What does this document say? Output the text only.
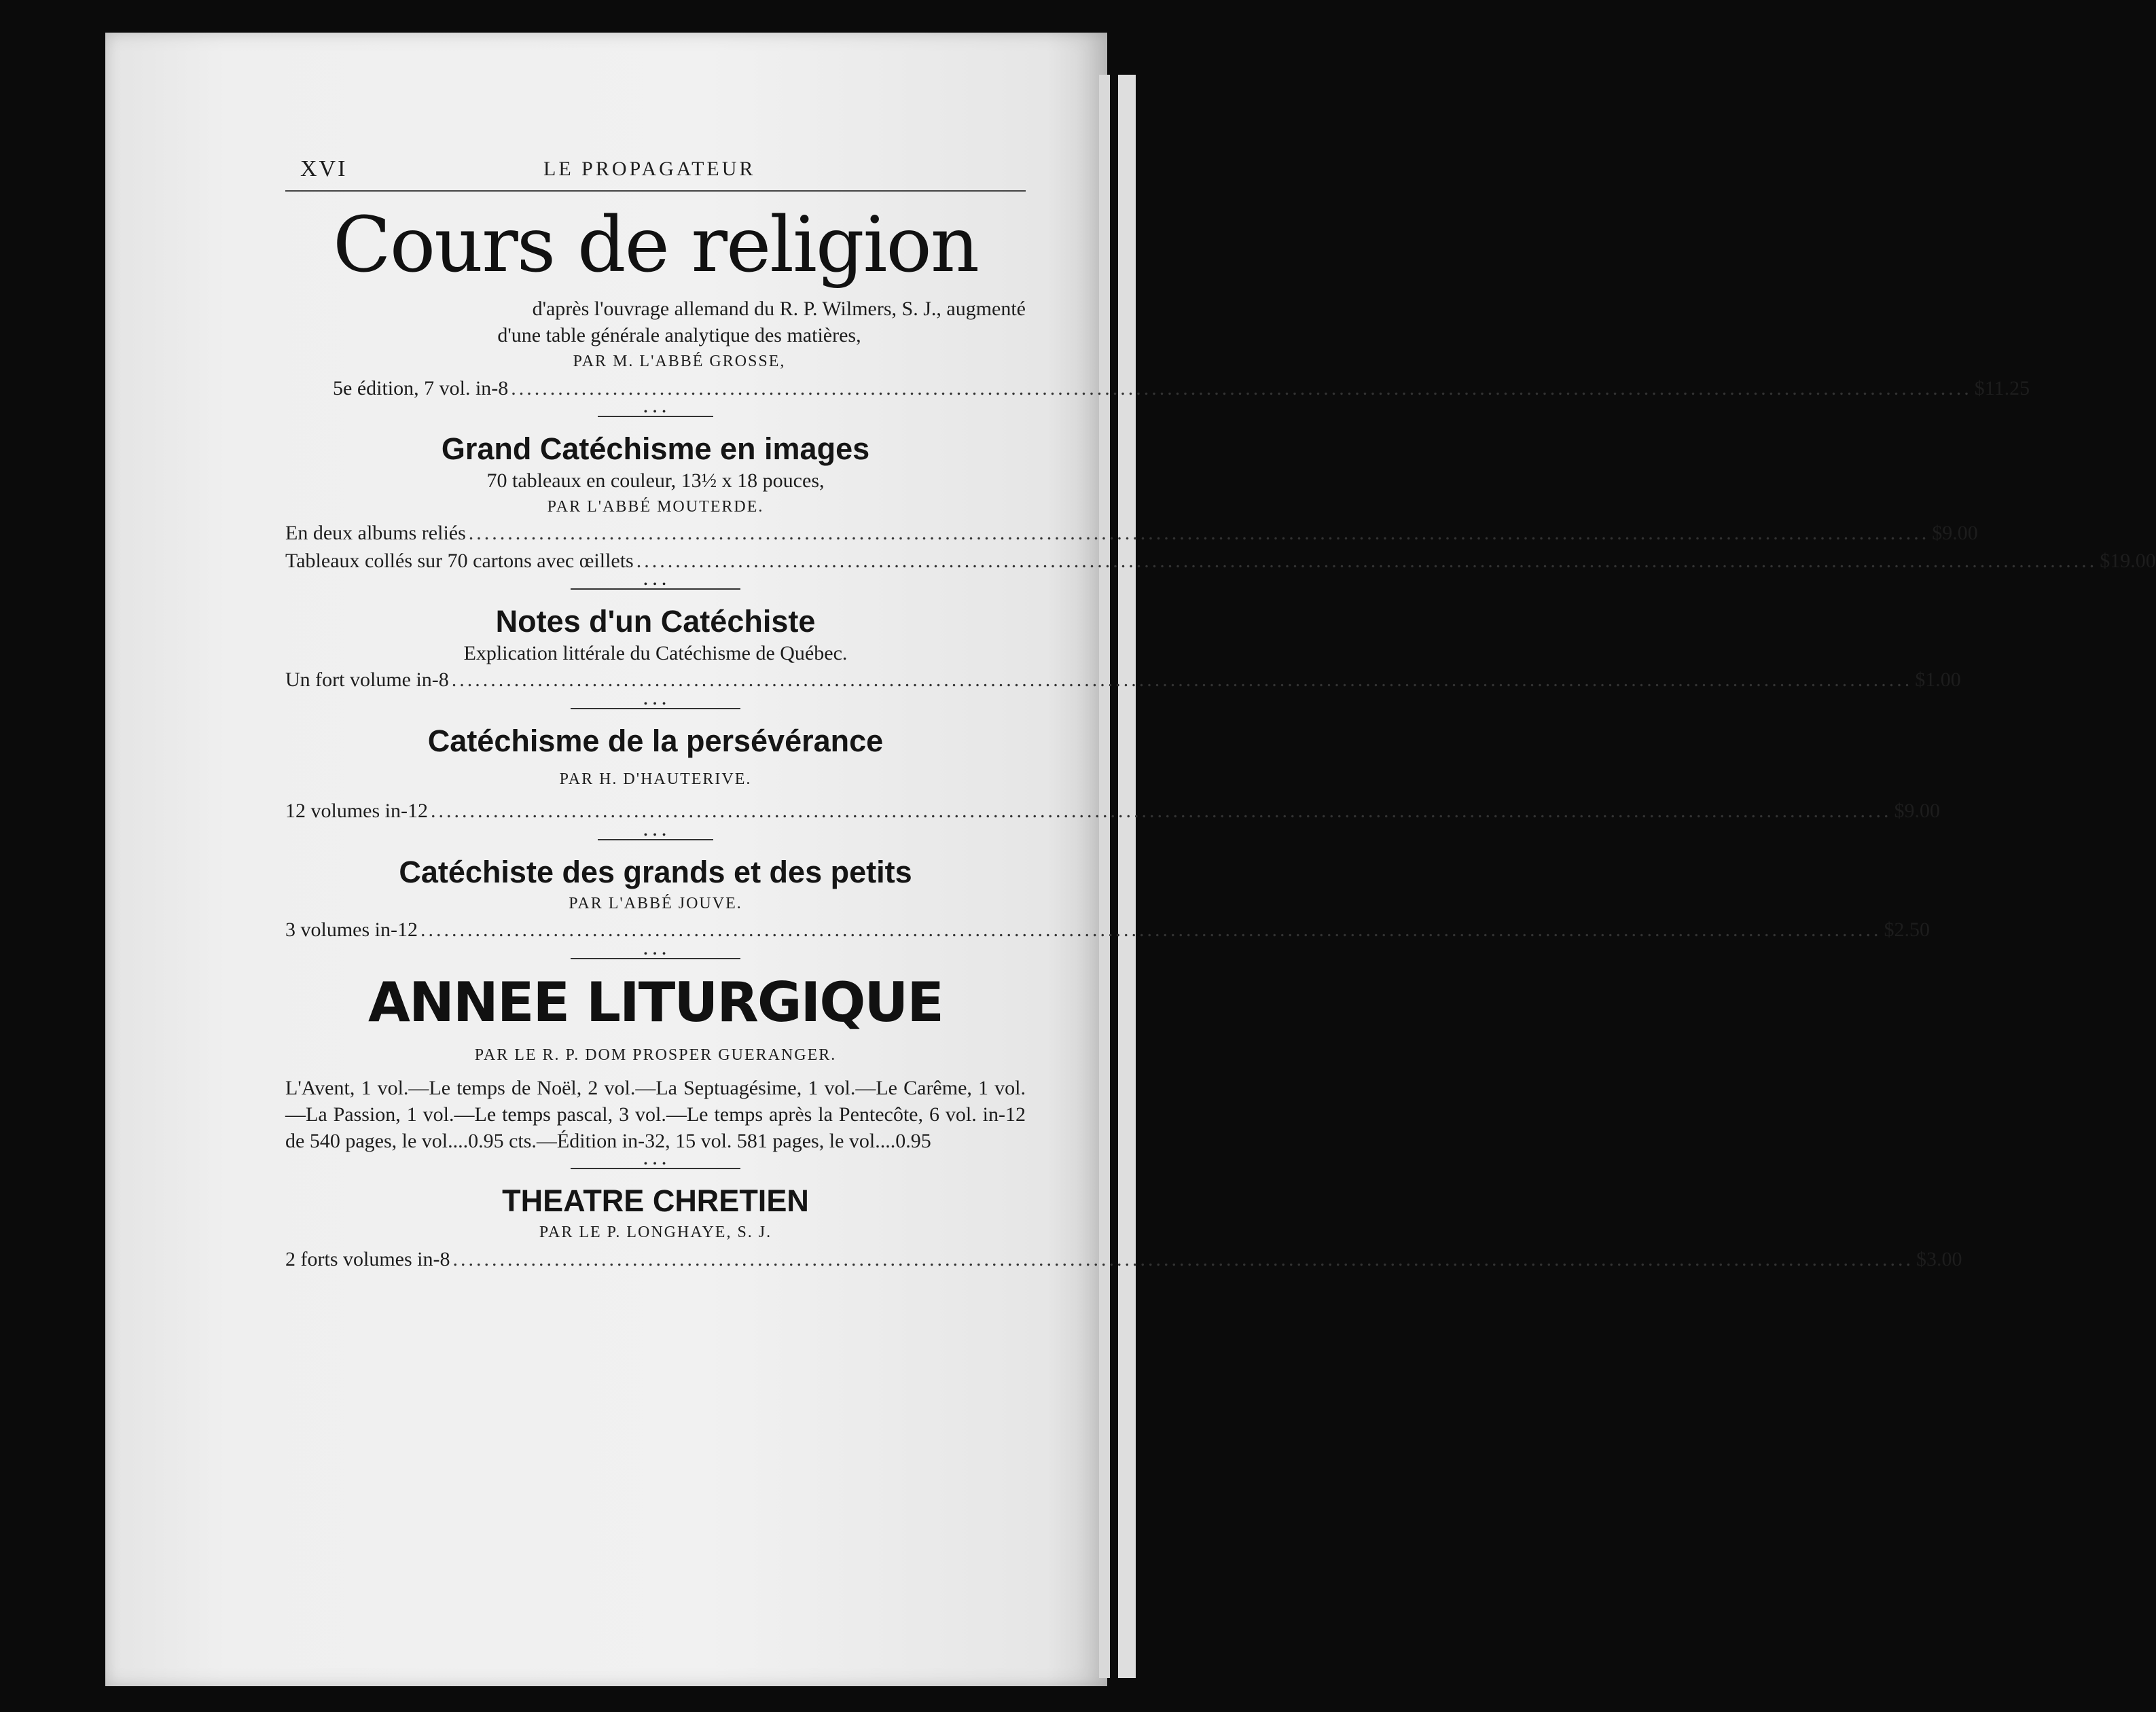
XVI	LE PROPAGATEUR
Cours de religion
d'après l'ouvrage allemand du R. P. Wilmers, S. J., augmenté
d'une table générale analytique des matières,
PAR M. L'ABBÉ GROSSE,
5e édition, 7 vol. in-8 ........................................................................................................................................................................................... $11.25
• • •
Grand Catéchisme en images
70 tableaux en couleur, 13½ x 18 pouces,
PAR L'ABBÉ MOUTERDE.
En deux albums reliés ........................................................................................................................................................................................... $9.00
Tableaux collés sur 70 cartons avec œillets ........................................................................................................................................................................................... $19.00
• • •
Notes d'un Catéchiste
Explication littérale du Catéchisme de Québec.
Un fort volume in-8 ........................................................................................................................................................................................... $1.00
• • •
Catéchisme de la persévérance
PAR H. D'HAUTERIVE.
12 volumes in-12 ........................................................................................................................................................................................... $9.00
• • •
Catéchiste des grands et des petits
PAR L'ABBÉ JOUVE.
3 volumes in-12 ........................................................................................................................................................................................... $2.50
• • •
ANNEE LITURGIQUE
PAR LE R. P. DOM PROSPER GUERANGER.
L'Avent, 1 vol.—Le temps de Noël, 2 vol.—La Septuagésime, 1 vol.—Le Carême, 1 vol.—La Passion, 1 vol.—Le temps pascal, 3 vol.—Le temps après la Pentecôte, 6 vol. in-12 de 540 pages, le vol....0.95 cts.—Édition in-32, 15 vol. 581 pages, le vol....0.95
• • •
THEATRE CHRETIEN
PAR LE P. LONGHAYE, S. J.
2 forts volumes in-8 ........................................................................................................................................................................................... $3.00
